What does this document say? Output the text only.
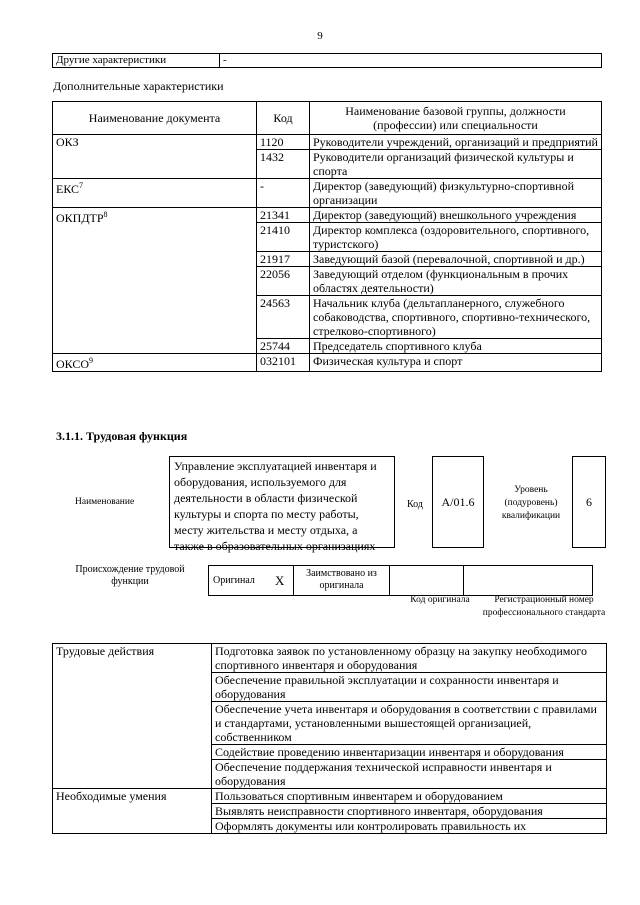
9
Другие характеристики	-
Дополнительные характеристики
Наименование документа	Код	Наименование базовой группы, должности (профессии) или специальности
ОКЗ	1120	Руководители учреждений, организаций и предприятий
	1432	Руководители организаций физической культуры и спорта
ЕКС$^7$	-	Директор (заведующий) физкультурно-спортивной организации
ОКПДТР$^8$	21341	Директор (заведующий) внешкольного учреждения
	21410	Директор комплекса (оздоровительного, спортивного, туристского)
	21917	Заведующий базой (перевалочной, спортивной и др.)
	22056	Заведующий отделом (функциональным в прочих областях деятельности)
	24563	Начальник клуба (дельтапланерного, служебного собаководства, спортивного, спортивно-технического, стрелково-спортивного)
	25744	Председатель спортивного клуба
ОКСО$^9$	032101	Физическая культура и спорт
3.1.1. Трудовая функция
Наименование
Управление эксплуатацией инвентаря и оборудования, используемого для деятельности в области физической культуры и спорта по месту работы, месту жительства и месту отдыха, а также в образовательных организациях
Код	A/01.6
Уровень (подуровень) квалификации
6
Происхождение трудовой функции	Оригинал	X	Заимствовано из оригинала		
Код оригинала	Регистрационный номер профессионального стандарта
Трудовые действия	Подготовка заявок по установленному образцу на закупку необходимого спортивного инвентаря и оборудования
	Обеспечение правильной эксплуатации и сохранности инвентаря и оборудования
	Обеспечение учета инвентаря и оборудования в соответствии с правилами и стандартами, установленными вышестоящей организацией, собственником
	Содействие проведению инвентаризации инвентаря и оборудования
	Обеспечение поддержания технической исправности инвентаря и оборудования
Необходимые умения	Пользоваться спортивным инвентарем и оборудованием
	Выявлять неисправности спортивного инвентаря, оборудования
	Оформлять документы или контролировать правильность их
